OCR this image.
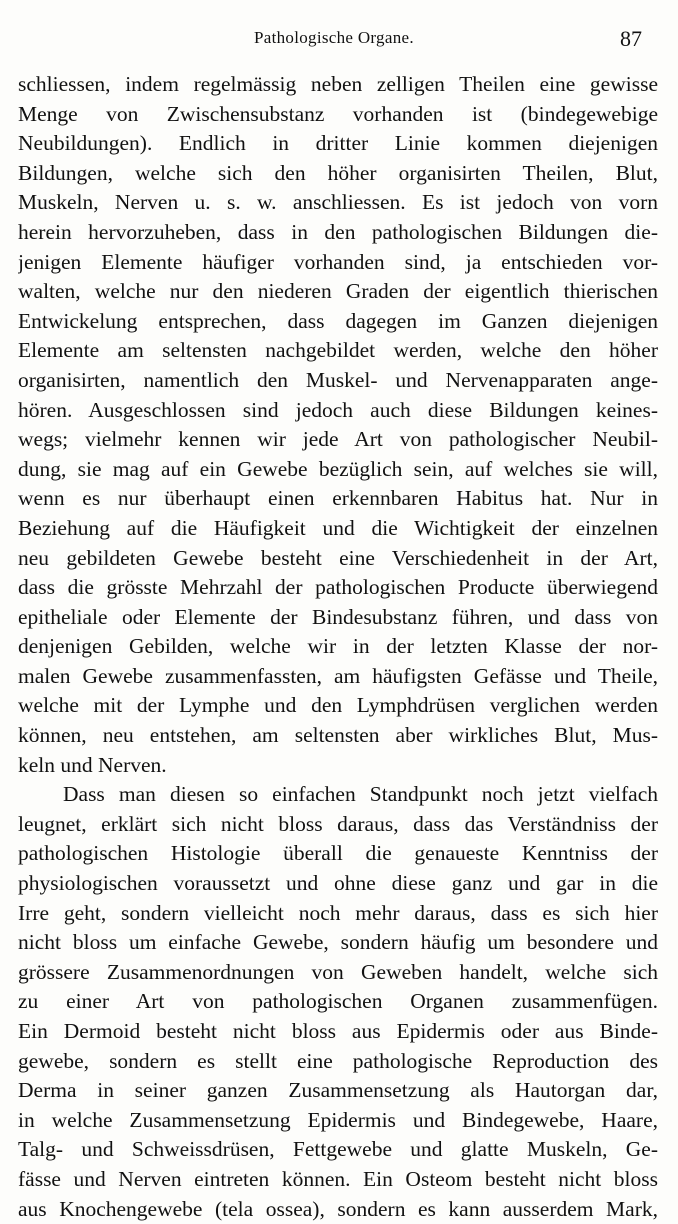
Pathologische Organe.	87
schliessen, indem regelmässig neben zelligen Theilen eine gewisse
Menge von Zwischensubstanz vorhanden ist (bindegewebige
Neubildungen). Endlich in dritter Linie kommen diejenigen
Bildungen, welche sich den höher organisirten Theilen, Blut,
Muskeln, Nerven u. s. w. anschliessen. Es ist jedoch von vorn
herein hervorzuheben, dass in den pathologischen Bildungen die-
jenigen Elemente häufiger vorhanden sind, ja entschieden vor-
walten, welche nur den niederen Graden der eigentlich thierischen
Entwickelung entsprechen, dass dagegen im Ganzen diejenigen
Elemente am seltensten nachgebildet werden, welche den höher
organisirten, namentlich den Muskel- und Nervenapparaten ange-
hören. Ausgeschlossen sind jedoch auch diese Bildungen keines-
wegs; vielmehr kennen wir jede Art von pathologischer Neubil-
dung, sie mag auf ein Gewebe bezüglich sein, auf welches sie will,
wenn es nur überhaupt einen erkennbaren Habitus hat. Nur in
Beziehung auf die Häufigkeit und die Wichtigkeit der einzelnen
neu gebildeten Gewebe besteht eine Verschiedenheit in der Art,
dass die grösste Mehrzahl der pathologischen Producte überwiegend
epitheliale oder Elemente der Bindesubstanz führen, und dass von
denjenigen Gebilden, welche wir in der letzten Klasse der nor-
malen Gewebe zusammenfassten, am häufigsten Gefässe und Theile,
welche mit der Lymphe und den Lymphdrüsen verglichen werden
können, neu entstehen, am seltensten aber wirkliches Blut, Mus-
keln und Nerven.
Dass man diesen so einfachen Standpunkt noch jetzt vielfach
leugnet, erklärt sich nicht bloss daraus, dass das Verständniss der
pathologischen Histologie überall die genaueste Kenntniss der
physiologischen voraussetzt und ohne diese ganz und gar in die
Irre geht, sondern vielleicht noch mehr daraus, dass es sich hier
nicht bloss um einfache Gewebe, sondern häufig um besondere und
grössere Zusammenordnungen von Geweben handelt, welche sich
zu einer Art von pathologischen Organen zusammenfügen.
Ein Dermoid besteht nicht bloss aus Epidermis oder aus Binde-
gewebe, sondern es stellt eine pathologische Reproduction des
Derma in seiner ganzen Zusammensetzung als Hautorgan dar,
in welche Zusammensetzung Epidermis und Bindegewebe, Haare,
Talg- und Schweissdrüsen, Fettgewebe und glatte Muskeln, Ge-
fässe und Nerven eintreten können. Ein Osteom besteht nicht bloss
aus Knochengewebe (tela ossea), sondern es kann ausserdem Mark,
